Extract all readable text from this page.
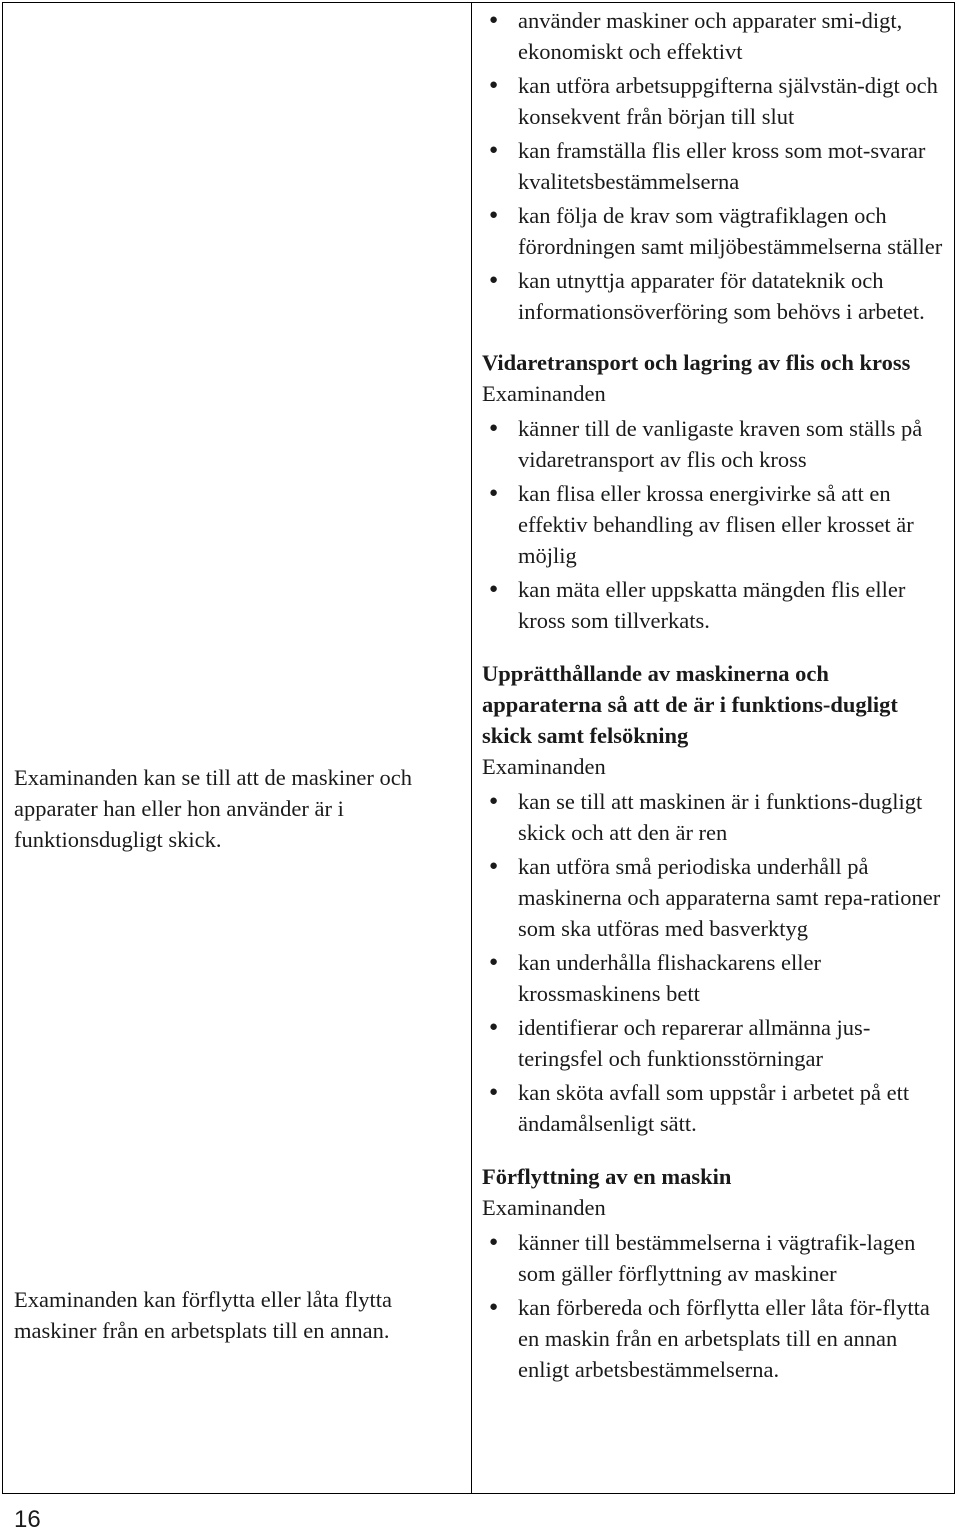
Examinanden kan se till att de maskiner och apparater han eller hon använder är i funktionsdugligt skick.

Examinanden kan förflytta eller låta flytta maskiner från en arbetsplats till en annan.

● använder maskiner och apparater smi-digt, ekonomiskt och effektivt
● kan utföra arbetsuppgifterna självstän-digt och konsekvent från början till slut
● kan framställa flis eller kross som mot-svarar kvalitetsbestämmelserna
● kan följa de krav som vägtrafiklagen och förordningen samt miljöbestämmelserna ställer
● kan utnyttja apparater för datateknik och informationsöverföring som behövs i arbetet.

Vidaretransport och lagring av flis och kross

Examinanden

● känner till de vanligaste kraven som ställs på vidaretransport av flis och kross
● kan flisa eller krossa energivirke så att en effektiv behandling av flisen eller krosset är möjlig
● kan mäta eller uppskatta mängden flis eller kross som tillverkats.

Upprätthållande av maskinerna och apparaterna så att de är i funktions-dugligt skick samt felsökning

Examinanden

● kan se till att maskinen är i funktions-dugligt skick och att den är ren
● kan utföra små periodiska underhåll på maskinerna och apparaterna samt repa-rationer som ska utföras med basverktyg
● kan underhålla flishackarens eller krossmaskinens bett
● identifierar och reparerar allmänna jus-teringsfel och funktionsstörningar
● kan sköta avfall som uppstår i arbetet på ett ändamålsenligt sätt.

Förflyttning av en maskin

Examinanden

● känner till bestämmelserna i vägtrafik-lagen som gäller förflyttning av maskiner
● kan förbereda och förflytta eller låta för-flytta en maskin från en arbetsplats till en annan enligt arbetsbestämmelserna.
16
